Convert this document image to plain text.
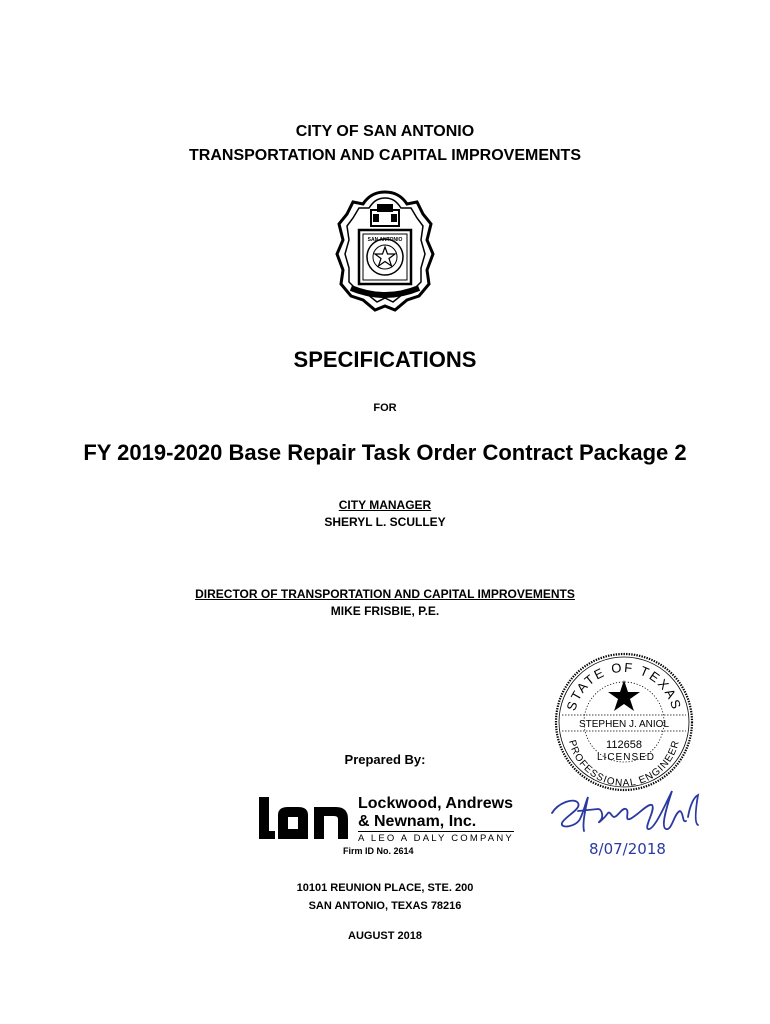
CITY OF SAN ANTONIO
TRANSPORTATION AND CAPITAL IMPROVEMENTS
SAN ANTONIO
SPECIFICATIONS
FOR
FY 2019-2020 Base Repair Task Order Contract Package 2
CITY MANAGER
SHERYL L. SCULLEY
DIRECTOR OF TRANSPORTATION AND CAPITAL IMPROVEMENTS
MIKE FRISBIE, P.E.
Prepared By:
lan	Lockwood, Andrews
& Newnam, Inc.
A LEO A DALY COMPANY
Firm ID No. 2614
STATE OF TEXAS
STEPHEN J. ANIOL
112658
LICENSED
PROFESSIONAL ENGINEER
8/07/2018
10101 REUNION PLACE, STE. 200
SAN ANTONIO, TEXAS 78216
AUGUST 2018
